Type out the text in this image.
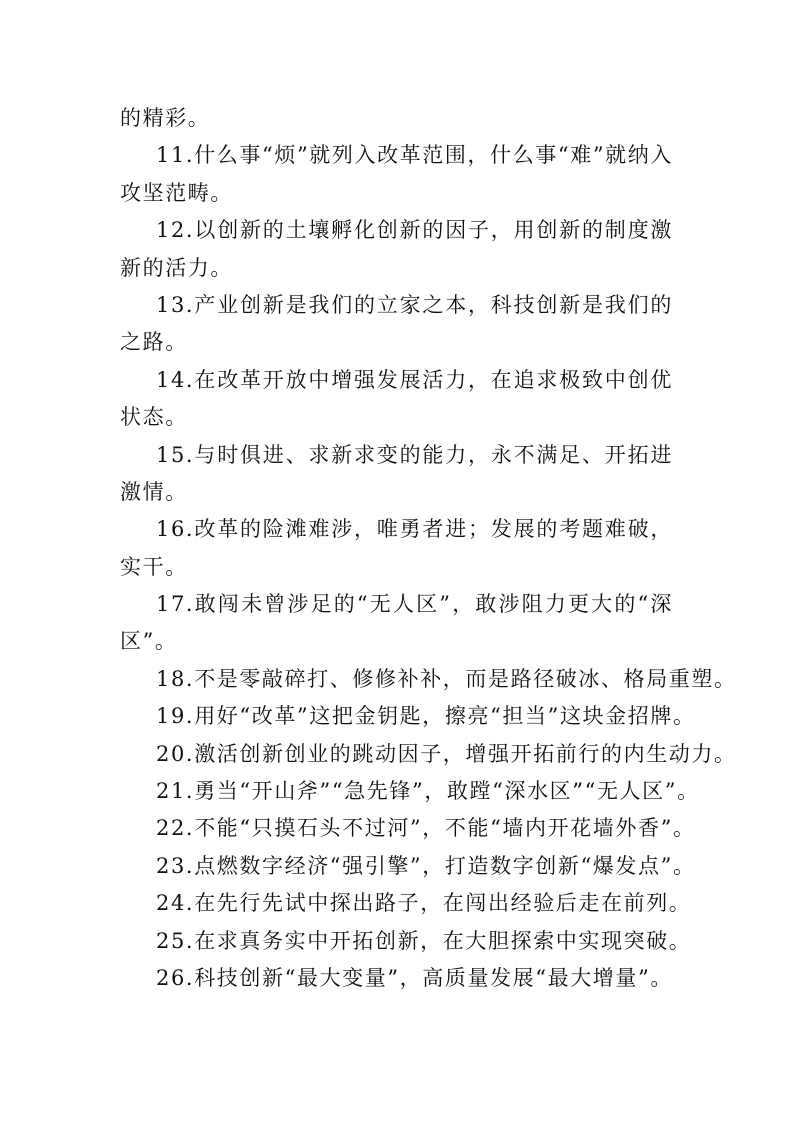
的精彩。
11.什么事“烦”就列入改革范围，什么事“难”就纳入
攻坚范畴。
12.以创新的土壤孵化创新的因子，用创新的制度激
新的活力。
13.产业创新是我们的立家之本，科技创新是我们的
之路。
14.在改革开放中增强发展活力，在追求极致中创优
状态。
15.与时俱进、求新求变的能力，永不满足、开拓进
激情。
16.改革的险滩难涉，唯勇者进；发展的考题难破，
实干。
17.敢闯未曾涉足的“无人区”，敢涉阻力更大的“深
区”。
18.不是零敲碎打、修修补补，而是路径破冰、格局重塑。
19.用好“改革”这把金钥匙，擦亮“担当”这块金招牌。
20.激活创新创业的跳动因子，增强开拓前行的内生动力。
21.勇当“开山斧”“急先锋”，敢蹚“深水区”“无人区”。
22.不能“只摸石头不过河”，不能“墙内开花墙外香”。
23.点燃数字经济“强引擎”，打造数字创新“爆发点”。
24.在先行先试中探出路子，在闯出经验后走在前列。
25.在求真务实中开拓创新，在大胆探索中实现突破。
26.科技创新“最大变量”，高质量发展“最大增量”。
